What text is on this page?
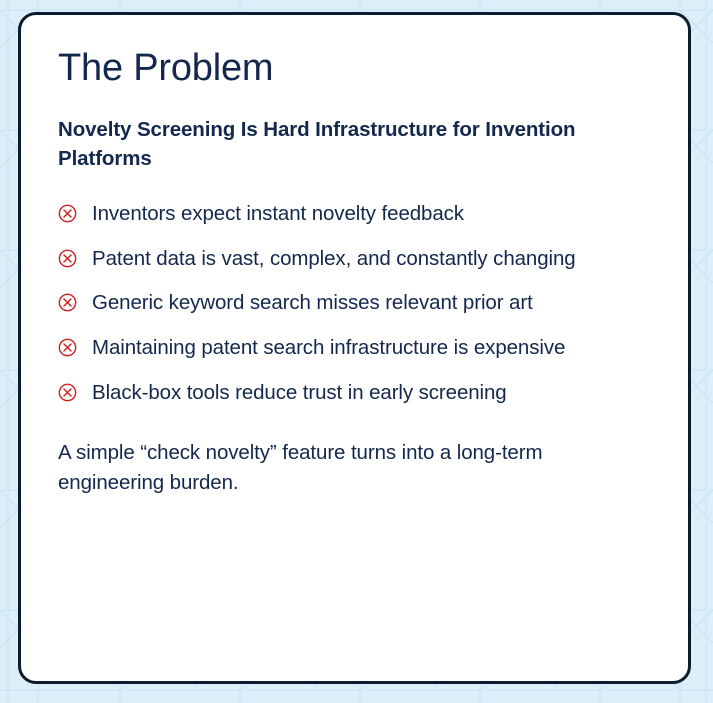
The Problem
Novelty Screening Is Hard Infrastructure for Invention Platforms
Inventors expect instant novelty feedback
Patent data is vast, complex, and constantly changing
Generic keyword search misses relevant prior art
Maintaining patent search infrastructure is expensive
Black-box tools reduce trust in early screening

A simple “check novelty” feature turns into a long-term engineering burden.
